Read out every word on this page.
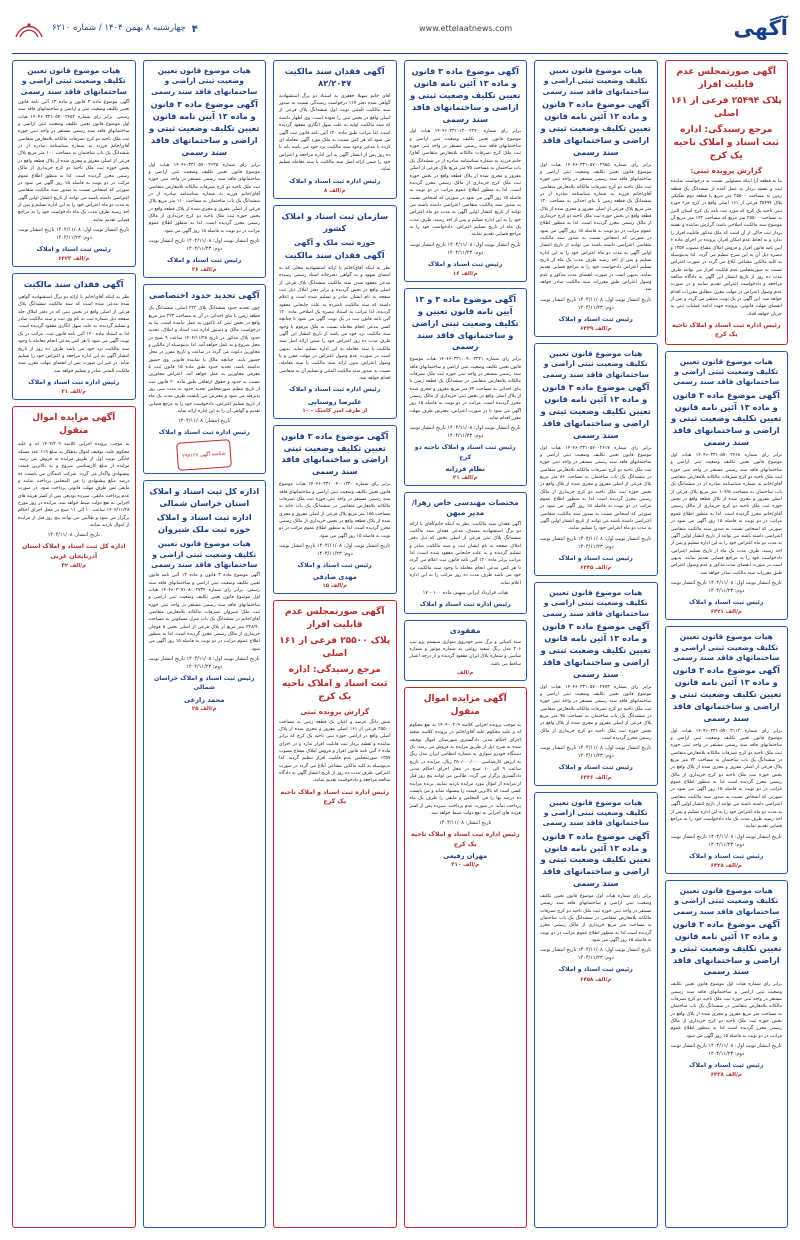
آگهی
www.ettelaatnews.com
۴
چهارشنبه ۸ بهمن ۱۴۰۴ / شماره ۶۲۱۰
آگهی صورتمجلس عدم قابلیت افراز
پلاک ۲۵۴۹۴ فرعی از ۱۶۱ اصلی
مرجع رسیدگی: اداره ثبت اسناد و املاک ناحیه یک کرج
گزارش پرونده ثبتی:
بنا به قطعه آرا اینکه مسئولین نسبت به درخواست نماینده ثبت و نقشه بردار به عمل آمده از ششدانگ یک قطعه زمین به مساحت ۲۵۵۰۰ متر مربع با قطعه دوم تفکیکی پلاک ۲۵۴۹۴ فرعی از ۱۶۱ اصلی واقع در کرج جزء حوزه ثبتی ناحیه یک کرج که مورد ثبت نامه یک کرج استان البرز به مساحت ۲۵۵۰۰ متر مربع که مساحت ۱۴۲ متر مربع آن موضوع سند مالکیت اصلاحی باشد، گزارش نماینده و نقشه بردار ثبت حاکی از آن است که ملک مذکور قابلیت افراز را ندارد و به لحاظ عدم امکان افراز، پرونده در اجرای ماده ۶ آیین نامه قانون افراز و فروش املاک مشاع مصوب ۱۳۵۷ و تبصره ذیل آن به این شرح تنظیم می گردد. لذا بدینوسیله به کلیه مالکین مشاعی ابلاغ می گردد در صورت اعتراض نسبت به صورتمجلس عدم قابلیت افراز می توانند ظرف مدت ده روز از تاریخ انتشار این آگهی به دادگاه صالحه مراجعه و دادخواست اعتراض تقدیم نمایند و در صورت عدم وصول اعتراض در مهلت مقرر، مطابق مقررات اقدام خواهد شد. این آگهی در یک نوبت منتشر می گردد و پس از انقضای مهلت قانونی، پرونده جهت ادامه عملیات ثبتی به جریان خواهد افتاد.
رئیس اداره ثبت اسناد و املاک ناحیه یک کرج
هیات موضوع قانون تعیین تکلیف وضعیت ثبتی اراضی و ساختمانهای فاقد سند رسمی
آگهی موضوع ماده ۳ قانون و ماده ۱۳ آئین نامه قانون تعیین تکلیف وضعیت ثبتی و اراضی و ساختمانهای فاقد سند رسمی
برابر رای شماره ۱۴۰۴۶۰۳۳۱۰۵۷۰۰۲۴۶۸ هیات اول موضوع قانون تعیین تکلیف وضعیت ثبتی اراضی و ساختمانهای فاقد سند رسمی مستقر در واحد ثبتی حوزه ثبت ملک ناحیه دو کرج تصرفات مالکانه بلامعارض متقاضی آقای/خانم به شماره شناسنامه صادره از در ششدانگ یک باب ساختمان به مساحت ۱۰۴/۵ متر مربع پلاک فرعی از اصلی مفروز و مجزی شده از پلاک قطعه واقع در بخش حوزه ثبت ملک ناحیه دو کرج خریداری از مالک رسمی آقای/خانم محرز گردیده است. لذا به منظور اطلاع عموم مراتب در دو نوبت به فاصله ۱۵ روز آگهی می شود در صورتی که اشخاص نسبت به صدور سند مالکیت متقاضی اعتراضی داشته باشند می توانند از تاریخ انتشار اولین آگهی به مدت دو ماه اعتراض خود را به این اداره تسلیم و پس از اخذ رسید، ظرف مدت یک ماه از تاریخ تسلیم اعتراض، دادخواست خود را به مراجع قضایی تقدیم نمایند. بدیهی است در صورت انقضای مدت مذکور و عدم وصول اعتراض طبق مقررات سند مالکیت صادر خواهد شد.
تاریخ انتشار نوبت اول: ۱۴۰۴/۱۱/۰۸ تاریخ انتشار نوبت دوم: ۱۴۰۴/۱۱/۲۳
رئیس ثبت اسناد و املاک
م/الف ۶۴۲۱
هیات موضوع قانون تعیین تکلیف وضعیت ثبتی اراضی و ساختمانهای فاقد سند رسمی
آگهی موضوع ماده ۳ قانون و ماده ۱۳ آئین نامه قانون تعیین تکلیف وضعیت ثبتی و اراضی و ساختمانهای فاقد سند رسمی
برابر رای شماره ۱۴۰۴۶۰۳۳۱۰۵۷۰۰۳۱۱۲ هیات اول موضوع قانون تعیین تکلیف وضعیت ثبتی اراضی و ساختمانهای فاقد سند رسمی مستقر در واحد ثبتی حوزه ثبت ملک ناحیه دو کرج تصرفات مالکانه بلامعارض متقاضی در ششدانگ یک باب ساختمان به مساحت ۷۲ متر مربع پلاک فرعی از اصلی مفروز و مجزی شده از پلاک واقع در بخش حوزه ثبت ملک ناحیه دو کرج خریداری از مالک رسمی محرز گردیده است لذا به منظور اطلاع عموم مراتب در دو نوبت به فاصله ۱۵ روز آگهی می شود در صورتی که اشخاص نسبت به صدور سند مالکیت متقاضی اعتراضی داشته باشند می توانند از تاریخ انتشار اولین آگهی به مدت دو ماه اعتراض خود را به این اداره تسلیم و پس از اخذ رسید ظرف مدت یک ماه دادخواست خود را به مراجع قضایی تقدیم نمایند.
تاریخ انتشار نوبت اول: ۱۴۰۴/۱۱/۰۸ تاریخ انتشار نوبت دوم: ۱۴۰۴/۱۱/۲۳
رئیس ثبت اسناد و املاک
م/الف ۶۴۲۸
هیات موضوع قانون تعیین تکلیف وضعیت ثبتی اراضی و ساختمانهای فاقد سند رسمی
آگهی موضوع ماده ۳ قانون و ماده ۱۳ آئین نامه قانون تعیین تکلیف وضعیت ثبتی و اراضی و ساختمانهای فاقد سند رسمی
برابر رای شماره هیات اول موضوع قانون تعیین تکلیف وضعیت ثبتی اراضی و ساختمانهای فاقد سند رسمی مستقر در واحد ثبتی حوزه ثبت ملک ناحیه دو کرج تصرفات مالکانه بلامعارض متقاضی در ششدانگ یک باب ساختمان به مساحت متر مربع مفروز و مجزی شده از پلاک واقع در بخش حوزه ثبت ملک ناحیه دو کرج خریداری از مالک رسمی محرز گردیده است لذا به منظور اطلاع عموم مراتب در دو نوبت به فاصله ۱۵ روز آگهی می شود.
تاریخ انتشار نوبت اول: ۱۴۰۴/۱۱/۰۸ تاریخ انتشار نوبت دوم: ۱۴۰۴/۱۱/۲۳
رئیس ثبت اسناد و املاک
م/الف ۶۴۳۸
هیات موضوع قانون تعیین تکلیف وضعیت ثبتی اراضی و ساختمانهای فاقد سند رسمی
آگهی موضوع ماده ۳ قانون و ماده ۱۳ آئین نامه قانون تعیین تکلیف وضعیت ثبتی و اراضی و ساختمانهای فاقد سند رسمی
برابر رای شماره ۱۴۰۴۶۰۳۳۱۰۵۷۰۰۲۹۸۵ هیات اول موضوع قانون تعیین تکلیف وضعیت ثبتی اراضی و ساختمانهای فاقد سند رسمی مستقر در واحد ثبتی حوزه ثبت ملک ناحیه دو کرج تصرفات مالکانه بلامعارض متقاضی آقای/خانم فرزند به شماره شناسنامه صادره از در ششدانگ یک قطعه زمین با بنای احداثی به مساحت ۱۲۰ متر مربع پلاک فرعی از اصلی مفروز و مجزی شده از پلاک قطعه واقع در بخش حوزه ثبت ملک ناحیه دو کرج خریداری از مالک رسمی محرز گردیده است. لذا به منظور اطلاع عموم مراتب در دو نوبت به فاصله ۱۵ روز آگهی می شود در صورتی که اشخاص نسبت به صدور سند مالکیت متقاضی اعتراضی داشته باشند می توانند از تاریخ انتشار اولین آگهی به مدت دو ماه اعتراض خود را به این اداره تسلیم و پس از اخذ رسید ظرف مدت یک ماه از تاریخ تسلیم اعتراض دادخواست خود را به مراجع قضایی تقدیم نمایند. بدیهی است در صورت انقضای مدت مذکور و عدم وصول اعتراض طبق مقررات سند مالکیت صادر خواهد شد.
تاریخ انتشار نوبت اول: ۱۴۰۴/۱۱/۰۸ تاریخ انتشار نوبت دوم: ۱۴۰۴/۱۱/۲۳
رئیس ثبت اسناد و املاک
م/الف ۶۴۳۹
هیات موضوع قانون تعیین تکلیف وضعیت ثبتی اراضی و ساختمانهای فاقد سند رسمی
آگهی موضوع ماده ۳ قانون و ماده ۱۳ آئین نامه قانون تعیین تکلیف وضعیت ثبتی و اراضی و ساختمانهای فاقد سند رسمی
برابر رای شماره ۱۴۰۴۶۰۳۳۱۰۵۷۰۰۲۶۱۷ هیات اول موضوع قانون تعیین تکلیف وضعیت ثبتی اراضی و ساختمانهای فاقد سند رسمی مستقر در واحد ثبتی حوزه ثبت ملک ناحیه دو کرج تصرفات مالکانه بلامعارض متقاضی در ششدانگ یک باب ساختمان به مساحت ۸۶ متر مربع پلاک فرعی از اصلی مفروز و مجزی شده از پلاک واقع در بخش حوزه ثبت ملک ناحیه دو کرج خریداری از مالک رسمی محرز گردیده است لذا به منظور اطلاع عموم مراتب در دو نوبت به فاصله ۱۵ روز آگهی می شود در صورتی که اشخاص نسبت به صدور سند مالکیت متقاضی اعتراضی داشته باشند می توانند از تاریخ انتشار اولین آگهی به مدت دو ماه اعتراض خود را تسلیم نمایند.
تاریخ انتشار نوبت اول: ۱۴۰۴/۱۱/۰۸ تاریخ انتشار نوبت دوم: ۱۴۰۴/۱۱/۲۳
رئیس ثبت اسناد و املاک
م/الف ۶۴۴۵
هیات موضوع قانون تعیین تکلیف وضعیت ثبتی اراضی و ساختمانهای فاقد سند رسمی
آگهی موضوع ماده ۳ قانون و ماده ۱۳ آئین نامه قانون تعیین تکلیف وضعیت ثبتی و اراضی و ساختمانهای فاقد سند رسمی
برابر رای شماره ۱۴۰۴۶۰۳۳۱۰۵۷۰۰۲۷۷۳ هیات اول موضوع قانون تعیین تکلیف وضعیت ثبتی اراضی و ساختمانهای فاقد سند رسمی مستقر در واحد ثبتی حوزه ثبت ملک ناحیه دو کرج تصرفات مالکانه بلامعارض متقاضی در ششدانگ یک باب ساختمان به مساحت ۹۵ متر مربع پلاک فرعی از اصلی مفروز و مجزی شده از پلاک واقع در بخش حوزه ثبت ملک ناحیه دو کرج خریداری از مالک رسمی محرز گردیده است.
تاریخ انتشار نوبت اول: ۱۴۰۴/۱۱/۰۸ تاریخ انتشار نوبت دوم: ۱۴۰۴/۱۱/۲۳
رئیس ثبت اسناد و املاک
م/الف ۶۴۴۶
هیات موضوع قانون تعیین تکلیف وضعیت ثبتی اراضی و ساختمانهای فاقد سند رسمی
آگهی موضوع ماده ۳ قانون و ماده ۱۳ آئین نامه قانون تعیین تکلیف وضعیت ثبتی و اراضی و ساختمانهای فاقد سند رسمی
برابر رای شماره هیات اول موضوع قانون تعیین تکلیف وضعیت ثبتی اراضی و ساختمانهای فاقد سند رسمی مستقر در واحد ثبتی حوزه ثبت ملک ناحیه دو کرج تصرفات مالکانه بلامعارض متقاضی در ششدانگ یک باب ساختمان به مساحت متر مربع خریداری از مالک رسمی محرز گردیده است لذا به منظور اطلاع عموم مراتب در دو نوبت به فاصله ۱۵ روز آگهی می شود.
تاریخ انتشار نوبت اول: ۱۴۰۴/۱۱/۰۸ تاریخ انتشار نوبت دوم: ۱۴۰۴/۱۱/۲۳
رئیس ثبت اسناد و املاک
م/الف ۶۴۵۸
آگهی موضوع ماده ۳ قانون و ماده ۱۳ آئین نامه قانون تعیین تکلیف وضعیت ثبتی و اراضی و ساختمانهای فاقد سند رسمی
برابر رای شماره ۱۴۰۴۶۰۳۳۱۰۱۳۰۰۲۲۴۰ هیات اول موضوع قانون تعیین تکلیف وضعیت ثبتی اراضی و ساختمانهای فاقد سند رسمی مستقر در واحد ثبتی حوزه ثبت ملک کرج تصرفات مالکانه بلامعارض متقاضی آقای/خانم فرزند به شماره شناسنامه صادره از در ششدانگ یک باب ساختمان به مساحت ۷۵ متر مربع پلاک فرعی از اصلی مفروز و مجزی شده از پلاک قطعه واقع در بخش حوزه ثبت ملک کرج خریداری از مالک رسمی محرز گردیده است. لذا به منظور اطلاع عموم مراتب در دو نوبت به فاصله ۱۵ روز آگهی می شود در صورتی که اشخاص نسبت به صدور سند مالکیت متقاضی اعتراضی داشته باشند می توانند از تاریخ انتشار اولین آگهی به مدت دو ماه اعتراض خود را به این اداره تسلیم و پس از اخذ رسید، ظرف مدت یک ماه از تاریخ تسلیم اعتراض، دادخواست خود را به مراجع قضایی تقدیم نمایند.
تاریخ انتشار نوبت اول: ۱۴۰۴/۱۱/۰۸ تاریخ انتشار نوبت دوم: ۱۴۰۴/۱۱/۲۳
رئیس ثبت اسناد و املاک
م/الف ۱۶
آگهی موضوع ماده ۳ و ۱۳ آیین نامه قانون تعیین و تکلیف وضعیت ثبتی اراضی و ساختمانهای فاقد سند رسمی
برابر رای شماره ۱۴۰۴۶۰۳۳۱۰۰۹۰۰۳۳۲۱ هیات موضوع قانون تعیین تکلیف وضعیت ثبتی اراضی و ساختمانهای فاقد سند رسمی مستقر در واحد ثبتی حوزه ثبت ملک تصرفات مالکانه بلامعارض متقاضی در ششدانگ یک قطعه زمین با بنای احداثی به مساحت ۷۴ متر مربع مفروز و مجزی شده از پلاک اصلی واقع در بخش ثبتی خریداری از مالک رسمی محرز گردیده است. مراتب در دو نوبت به فاصله ۱۵ روز آگهی می شود تا در صورت اعتراض، معترض ظرف مهلت مقرر اقدام نماید.
تاریخ انتشار نوبت اول: ۱۴۰۴/۱۱/۰۸ تاریخ انتشار نوبت دوم: ۱۴۰۴/۱۱/۲۳
رئیس ثبت اسناد و املاک ناحیه دو کرج
نظام فرزانه
م/الف ۲۱
مختصات مهندسی خاص زهرا/ مدیر میهن
آگهی فقدان سند مالکیت: نظر به اینکه خانم/آقای با ارائه دو برگ استشهادیه مصدق، مدعی فقدان سند مالکیت ششدانگ پلاک ثبتی فرعی از اصلی بخش که ذیل دفتر املاک صفحه به نام ایشان ثبت و سند مالکیت صادر و تسلیم گردیده و به علت جابجایی مفقود شده است، لذا مراتب برابر ماده ۱۲۰ آئین نامه قانون ثبت اعلام می گردد تا هر کس مدعی انجام معامله یا وجود سند مالکیت نزد خود می باشد ظرف مدت ده روز مراتب را به این اداره اعلام نماید.
هیات قرارداد ایرانی میهنی ماده ۱۰۰ - ۱۷
رئیس اداره ثبت اسناد و املاک
مفقودی
سند کمپانی و برگ سبز خودروی سواری سیستم پژو تیپ ۲۰۶ مدل رنگ سفید روغنی به شماره موتور و شماره شاسی و شماره پلاک ایران مفقود گردیده و از درجه اعتبار ساقط می باشد.
م/الف
آگهی مزایده اموال منقول
به موجب پرونده اجرایی کلاسه ۱۴۰۴۰۰۲۰۹ به نفع محکوم له و علیه محکوم علیه آقای/خانم در پرونده کلاسه شعبه اجرای احکام مدنی دادگستری شهرستان اموال توقیف شده به شرح ذیل از طریق مزایده به فروش می رسد: یک دستگاه خودرو سواری به شماره انتظامی ایران مدل رنگ به ارزش کارشناسی ۲۵۰/۰۰۰/۰۰۰ ریال. مزایده در تاریخ ساعت ۹ الی ۱۰ صبح در محل اجرای احکام مدنی دادگستری برگزار می گردد. طالبین می توانند پنج روز قبل از مزایده از اموال مورد مزایده بازدید نمایند. برنده مزایده کسی است که بالاترین قیمت را پیشنهاد نماید و می بایست ده درصد بها را فی المجلس و مابقی را ظرف یک ماه پرداخت نماید. در صورت عدم پرداخت، سپرده پس از کسر هزینه های اجرایی به نفع دولت ضبط خواهد شد.
تاریخ انتشار: ۱۴۰۴/۱۱/۰۸
رئیس اداره ثبت اسناد و املاک ناحیه یک کرج
مهران رفیعی
م/الف ۳۱۰
آگهی فقدان سند مالکیت ۸۲/۲۰۴۷
آقای خانم سهیلا جعفری به استناد دو برگ استشهادیه گواهی شده دفتر ۱۱۷ درخواست رسیدگی نسبت به صدور سند مالکیت المثنی نوبت اول ششدانگ پلاک فرعی از اصلی واقع در بخش ثبتی را نموده است. وی اظهار داشته که سند مالکیت اولیه به علت سهل انگاری مفقود گردیده است. لذا مراتب طبق ماده ۱۲۰ آئین نامه قانون ثبت آگهی می شود که هر کس نسبت به ملک مورد آگهی معامله ای کرده یا مدعی وجود سند مالکیت نزد خود می باشد باید تا ده روز پس از انتشار آگهی به این اداره مراجعه و اعتراض خود را ضمن ارائه اصل سند مالکیت یا سند معامله تسلیم نماید.
رئیس اداره ثبت اسناد و املاک
م/الف ۸
سازمان ثبت اسناد و املاک کشور
حوزه ثبت ملک و آگهی
آگهی فقدان سند مالکیت
نظر به اینکه آقای/خانم با ارائه استشهادیه محلی که به امضای شهود و به گواهی دفترخانه اسناد رسمی رسیده مدعی مفقود شدن سند مالکیت ششدانگ پلاک فرعی از اصلی واقع در بخش گردیده و برابر دفتر املاک ذیل ثبت صفحه به نام ایشان صادر و تسلیم شده است و اعلام داشته که سند مالکیت نامبرده به علت جابجایی مفقود گردیده، لذا مراتب به استناد تبصره یک اصلاحی ماده ۱۲۰ آئین نامه قانون ثبت در یک نوبت آگهی می شود تا چنانچه کسی مدعی انجام معامله نسبت به ملک مرقوم یا وجود سند مالکیت نزد خود می باشد از تاریخ انتشار این آگهی ظرف مدت ده روز اعتراض خود را ضمن ارائه اصل سند مالکیت یا سند معامله به این اداره تسلیم نماید. بدیهی است در صورت عدم وصول اعتراض در مهلت مقرر و یا وصول اعتراض بدون ارائه سند مالکیت یا سند معامله، نسبت به صدور سند مالکیت المثنی و تسلیم آن به متقاضی اقدام خواهد شد.
رئیس اداره ثبت اسناد و املاک
علیرضا روستایی
از طرف امیر کامیک - ۱۰
آگهی موضوع ماده ۳ قانون تعیین تکلیف وضعیت ثبتی اراضی و ساختمانهای فاقد سند رسمی
برابر رای شماره ۱۴۰۴۶۰۳۳۱۰۰۴۰۰۱۲۳۰ هیات موضوع قانون تعیین تکلیف وضعیت ثبتی اراضی و ساختمانهای فاقد سند رسمی مستقر در واحد ثبتی حوزه ثبت ملک تصرفات مالکانه بلامعارض متقاضی در ششدانگ یک باب خانه به مساحت ۱۸۵ متر مربع پلاک فرعی از اصلی مفروز و مجزی شده از پلاک قطعه واقع در بخش خریداری از مالک رسمی محرز گردیده است. لذا به منظور اطلاع عموم مراتب در دو نوبت به فاصله ۱۵ روز آگهی می شود.
تاریخ انتشار نوبت اول: ۱۴۰۴/۱۱/۰۸ تاریخ انتشار نوبت دوم: ۱۴۰۴/۱۱/۲۳
رئیس ثبت اسناد و املاک
مهدی صادقی
م/الف ۱۵
آگهی صورتمجلس عدم قابلیت افراز
پلاک ۲۵۵۰۰ فرعی از ۱۶۱ اصلی
مرجع رسیدگی: اداره ثبت اسناد و املاک ناحیه یک کرج
گزارش پرونده ثبتی
شش دانگ عرصه و اعیان یک قطعه زمین به مساحت ۲۵۵۰۰ فرعی از ۱۶۱ اصلی مفروز و مجزی شده از پلاک اصلی واقع در اراضی حوزه ثبتی ناحیه یک کرج که برابر نماینده و نقشه بردار ثبت قابلیت افراز ندارد و در اجرای ماده ۶ آئین نامه قانون افراز و فروش املاک مشاع مصوب ۱۳۵۷ صورتمجلس عدم قابلیت افراز تنظیم گردید. لذا بدینوسیله به کلیه مالکین مشاعی ابلاغ می گردد در صورت اعتراض، ظرف مدت ده روز از تاریخ انتشار آگهی به دادگاه صالحه مراجعه و دادخواست تقدیم نمایند.
رئیس اداره ثبت اسناد و املاک ناحیه یک کرج
هیات موضوع قانون تعیین وضعیت ثبتی اراضی و ساختمانهای فاقد سند رسمی
آگهی موضوع ماده ۳ قانون و ماده ۱۳ آیین نامه قانون تعیین تکلیف وضعیت ثبتی و اراضی و ساختمانهای فاقد سند رسمی
برابر رای شماره ۱۴۰۴۶۰۳۳۱۰۵۷۰۰۲۶۳۵ هیات اول موضوع قانون تعیین تکلیف وضعیت ثبتی اراضی و ساختمانهای فاقد سند رسمی مستقر در واحد ثبتی حوزه ثبت ملک ناحیه دو کرج تصرفات مالکانه بلامعارض متقاضی آقای/خانم فرزند به شماره شناسنامه صادره از در ششدانگ یک باب ساختمان به مساحت ۱۱۰ متر مربع پلاک فرعی از اصلی مفروز و مجزی شده از پلاک قطعه واقع در بخش حوزه ثبت ملک ناحیه دو کرج خریداری از مالک رسمی محرز گردیده است. لذا به منظور اطلاع عموم مراتب در دو نوبت به فاصله ۱۵ روز آگهی می شود.
تاریخ انتشار نوبت اول: ۱۴۰۴/۱۱/۰۸ تاریخ انتشار نوبت دوم: ۱۴۰۴/۱۱/۲۳
رئیس ثبت اسناد و املاک
م/الف ۲۶
آگهی تحدید حدود اختصاصی
چون تحدید حدود ششدانگ پلاک ۲۲۲ اصلی، ششدانگ یک قطعه زمین با بنای احداثی در آن به مساحت ۲۲۳ متر مربع واقع در بخش ثبتی که تاکنون به عمل نیامده است، بنا به درخواست مالک و دستور اداره ثبت اسناد و املاک، تحدید حدود پلاک مذکور در تاریخ ۱۴۰۴/۱۱/۲۸ ساعت ۹ صبح در محل شروع و به عمل خواهد آمد. لذا بدینوسیله از مالکین و مجاورین دعوت می گردد در ساعت و تاریخ مقرر در محل حضور یابند. چنانچه مالک یا نماینده قانونی وی حضور نداشته باشد، تحدید حدود طبق ماده ۱۵ قانون ثبت با معرفی مجاورین به عمل خواهد آمد. اعتراض مجاورین نسبت به حدود و حقوق ارتفاقی طبق ماده ۲۰ قانون ثبت از تاریخ تنظیم صورتمجلس تحدید حدود به مدت سی روز پذیرفته می شود و معترض می بایست ظرف مدت یک ماه از تاریخ تسلیم اعتراض، دادخواست خود را به مرجع قضایی تقدیم و گواهی آن را به این اداره ارائه نماید.
تاریخ انتشار: ۱۴۰۴/۱۱/۰۸
رئیس اداره ثبت اسناد و املاک
شناسه آگهی ۲۹۷۱۲۷
اداره کل ثبت اسناد و املاک استان خراسان شمالی
اداره ثبت اسناد و املاک حوزه ثبت ملک شیروان
هیات موضوع قانون تعیین تکلیف وضعیت ثبتی اراضی و ساختمانهای فاقد سند رسمی
آگهی موضوع ماده ۳ قانون و ماده ۱۳ آئین نامه قانون تعیین تکلیف وضعیت ثبتی اراضی و ساختمانهای فاقد سند رسمی. برابر رای شماره ۱۴۰۴۶۰۳۰۷۱۰۸۰۰۲۷۳۴ هیات اول موضوع قانون تعیین تکلیف وضعیت ثبتی اراضی و ساختمانهای فاقد سند رسمی مستقر در واحد ثبتی حوزه ثبت ملک شیروان تصرفات مالکانه بلامعارض متقاضی آقای/خانم در ششدانگ یک باب منزل مسکونی به مساحت ۲۲۸/۹۰ متر مربع از پلاک فرعی از اصلی بخش ۵ قوچان خریداری از مالک رسمی محرز گردیده است. لذا به منظور اطلاع عموم مراتب در دو نوبت به فاصله ۱۵ روز آگهی می شود.
تاریخ انتشار نوبت اول: ۱۴۰۴/۱۱/۰۸ تاریخ انتشار نوبت دوم: ۱۴۰۴/۱۱/۲۳
رئیس ثبت اسناد و املاک خراسان شمالی
محمد زارعی
م/الف ۲۵
هیات موضوع قانون تعیین تکلیف وضعیت ثبتی اراضی و ساختمانهای فاقد سند رسمی
آگهی موضوع ماده ۳ قانون و ماده ۱۳ آئین نامه قانون تعیین تکلیف وضعیت ثبتی و اراضی و ساختمانهای فاقد سند رسمی. برابر رای شماره ۱۴۰۴۶۰۳۳۱۰۵۷۰۰۲۴۵۲ هیات اول موضوع قانون تعیین تکلیف وضعیت ثبتی اراضی و ساختمانهای فاقد سند رسمی مستقر در واحد ثبتی حوزه ثبت ملک ناحیه دو کرج تصرفات مالکانه بلامعارض متقاضی آقای/خانم فرزند به شماره شناسنامه صادره از در ششدانگ یک باب ساختمان به مساحت ۱۰۰ متر مربع پلاک فرعی از اصلی مفروز و مجزی شده از پلاک قطعه واقع در بخش حوزه ثبت ملک ناحیه دو کرج خریداری از مالک رسمی محرز گردیده است. لذا به منظور اطلاع عموم مراتب در دو نوبت به فاصله ۱۵ روز آگهی می شود در صورتی که اشخاص نسبت به صدور سند مالکیت متقاضی اعتراضی داشته باشند می توانند از تاریخ انتشار اولین آگهی به مدت دو ماه اعتراض خود را به این اداره تسلیم و پس از اخذ رسید ظرف مدت یک ماه دادخواست خود را به مراجع قضایی تقدیم نمایند.
تاریخ انتشار نوبت اول: ۱۴۰۴/۱۱/۰۸ تاریخ انتشار نوبت دوم: ۱۴۰۴/۱۱/۲۳
رئیس ثبت اسناد و املاک
م/الف ۶۴۲۳
آگهی فقدان سند مالکیت
نظر به اینکه آقای/خانم با ارائه دو برگ استشهادیه گواهی شده مدعی شده است که سند مالکیت ششدانگ پلاک فرعی از اصلی واقع در بخش ثبتی که در دفتر املاک جلد صفحه ذیل شماره ثبت به نام وی ثبت و سند مالکیت صادر و تسلیم گردیده، به علت سهل انگاری مفقود گردیده است. لذا به استناد ماده ۱۲۰ آئین نامه قانون ثبت، مراتب در یک نوبت آگهی می شود تا هر کس مدعی انجام معامله یا وجود سند مالکیت نزد خود می باشد ظرف ده روز از تاریخ انتشار آگهی به این اداره مراجعه و اعتراض خود را تسلیم نماید. در غیر این صورت پس از انقضای مهلت مقرر، سند مالکیت المثنی صادر و تسلیم خواهد شد.
رئیس اداره ثبت اسناد و املاک
م/الف ۲۱
آگهی مزایده اموال منقول
به موجب پرونده اجرایی کلاسه ۱۴۰۴/۲۰۹ له و علیه محکوم علیه، توقیف اموال بدهکار به مبلغ ۱۱۹ عدد مسکه خانگی نوبت اول از طریق مزایده به فروش می رسد. مزایده از مبلغ کارشناسی شروع و به بالاترین قیمت پیشنهادی واگذار می گردد. شرکت کنندگان می بایست ده درصد مبلغ پیشنهادی را فی المجلس پرداخت نمایند و مابقی ثمن ظرف مهلت قانونی پرداخت شود. در صورت عدم پرداخت مابقی، سپرده تودیعی پس از کسر هزینه های اجرایی به نفع دولت ضبط خواهد شد. مزایده در روز مورخ ۱۴۰۴/۱۱/۲۸ ساعت ۱۰ الی ۱۱ صبح در محل اجرای احکام برگزار می شود و طالبین می توانند پنج روز قبل از مزایده از اموال بازدید نمایند.
تاریخ انتشار: ۱۴۰۴/۱۱/۰۸
اداره کل ثبت اسناد و املاک استان آذربایجان غربی
م/الف ۴۲
